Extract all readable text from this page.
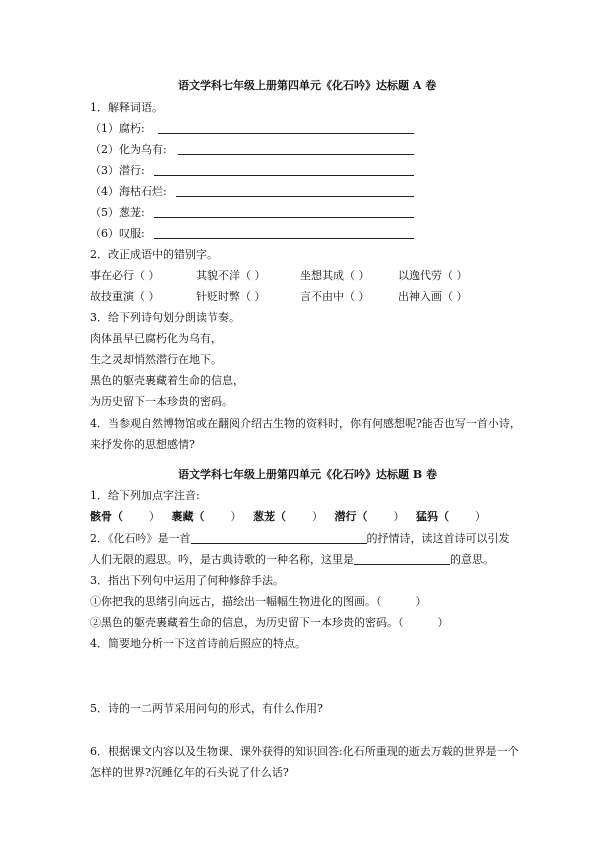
语文学科七年级上册第四单元《化石吟》达标题 A 卷
1．解释词语。
（1）腐朽:
（2）化为乌有:
（3）潜行:
（4）海枯石烂:
（5）葱茏:
（6）叹服:
2．改正成语中的错别字。
事在必行（ ）	其貌不洋（ ）	坐想其成（ ）	以逸代劳（ ）
故技重演（ ）	针贬时弊（ ）	言不由中（ ）	出神入画（ ）
3．给下列诗句划分朗读节奏。
肉体虽早已腐朽化为乌有，
生之灵却悄然潜行在地下。
黑色的躯壳裹藏着生命的信息，
为历史留下一本珍贵的密码。
4．当参观自然博物馆或在翻阅介绍古生物的资料时，你有何感想呢?能否也写一首小诗，
来抒发你的思想感情?
语文学科七年级上册第四单元《化石吟》达标题 B 卷
1．给下列加点字注音:
骸骨（ ） 裹藏（ ） 葱茏（ ） 潜行（ ） 猛犸（ ）
2．《化石吟》是一首	的抒情诗，读这首诗可以引发
人们无限的遐思。吟，是古典诗歌的一种名称，这里是	的意思。
3．指出下列句中运用了何种修辞手法。
①你把我的思绪引向远古，描绘出一幅幅生物进化的图画。（	）
②黑色的躯壳裹藏着生命的信息，为历史留下一本珍贵的密码。（	）
4．简要地分析一下这首诗前后照应的特点。
5．诗的一二两节采用问句的形式，有什么作用?
6．根据课文内容以及生物课、课外获得的知识回答:化石所重现的逝去万载的世界是一个
怎样的世界?沉睡亿年的石头说了什么话?
